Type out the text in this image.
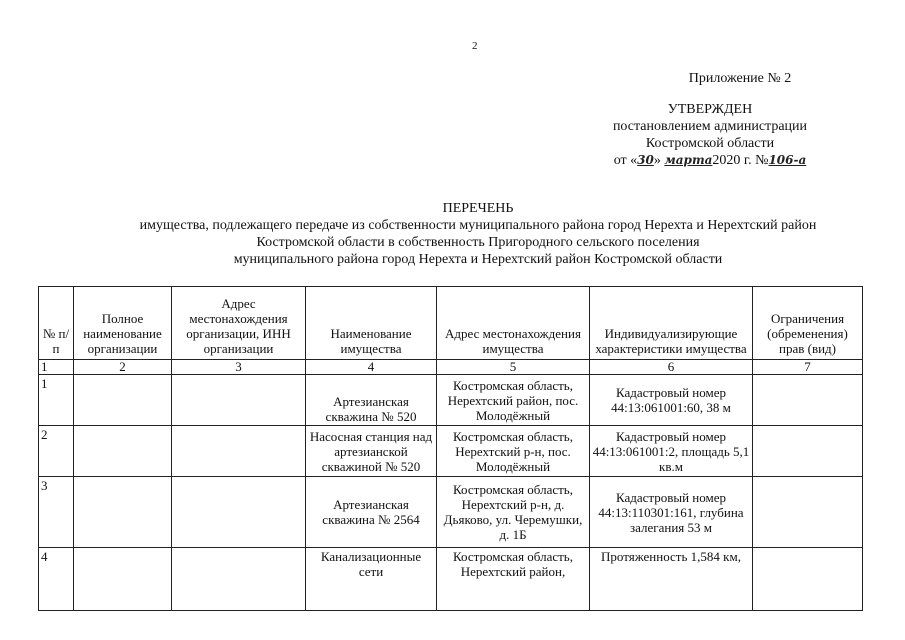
2
Приложение № 2
УТВЕРЖДЕН
постановлением администрации
Костромской области
от «30» марта2020 г. №106-а
ПЕРЕЧЕНЬ
имущества, подлежащего передаче из собственности муниципального района город Нерехта и Нерехтский район
Костромской области в собственность Пригородного сельского поселения
муниципального района город Нерехта и Нерехтский район Костромской области
№ п/п	Полное наименование организации	Адрес местонахождения организации, ИНН организации	Наименование имущества	Адрес местонахождения имущества	Индивидуализирующие характеристики имущества	Ограничения (обременения) прав (вид)
1	2	3	4	5	6	7
1			Артезианская скважина № 520	Костромская область, Нерехтский район, пос. Молодёжный	Кадастровый номер 44:13:061001:60, 38 м	
2			Насосная станция над артезианской скважиной № 520	Костромская область, Нерехтский р-н, пос. Молодёжный	Кадастровый номер 44:13:061001:2, площадь 5,1 кв.м	
3			Артезианская скважина № 2564	Костромская область, Нерехтский р-н, д. Дьяково, ул. Черемушки, д. 1Б	Кадастровый номер 44:13:110301:161, глубина залегания 53 м	
4			Канализационные сети	Костромская область, Нерехтский район,	Протяженность 1,584 км,	
